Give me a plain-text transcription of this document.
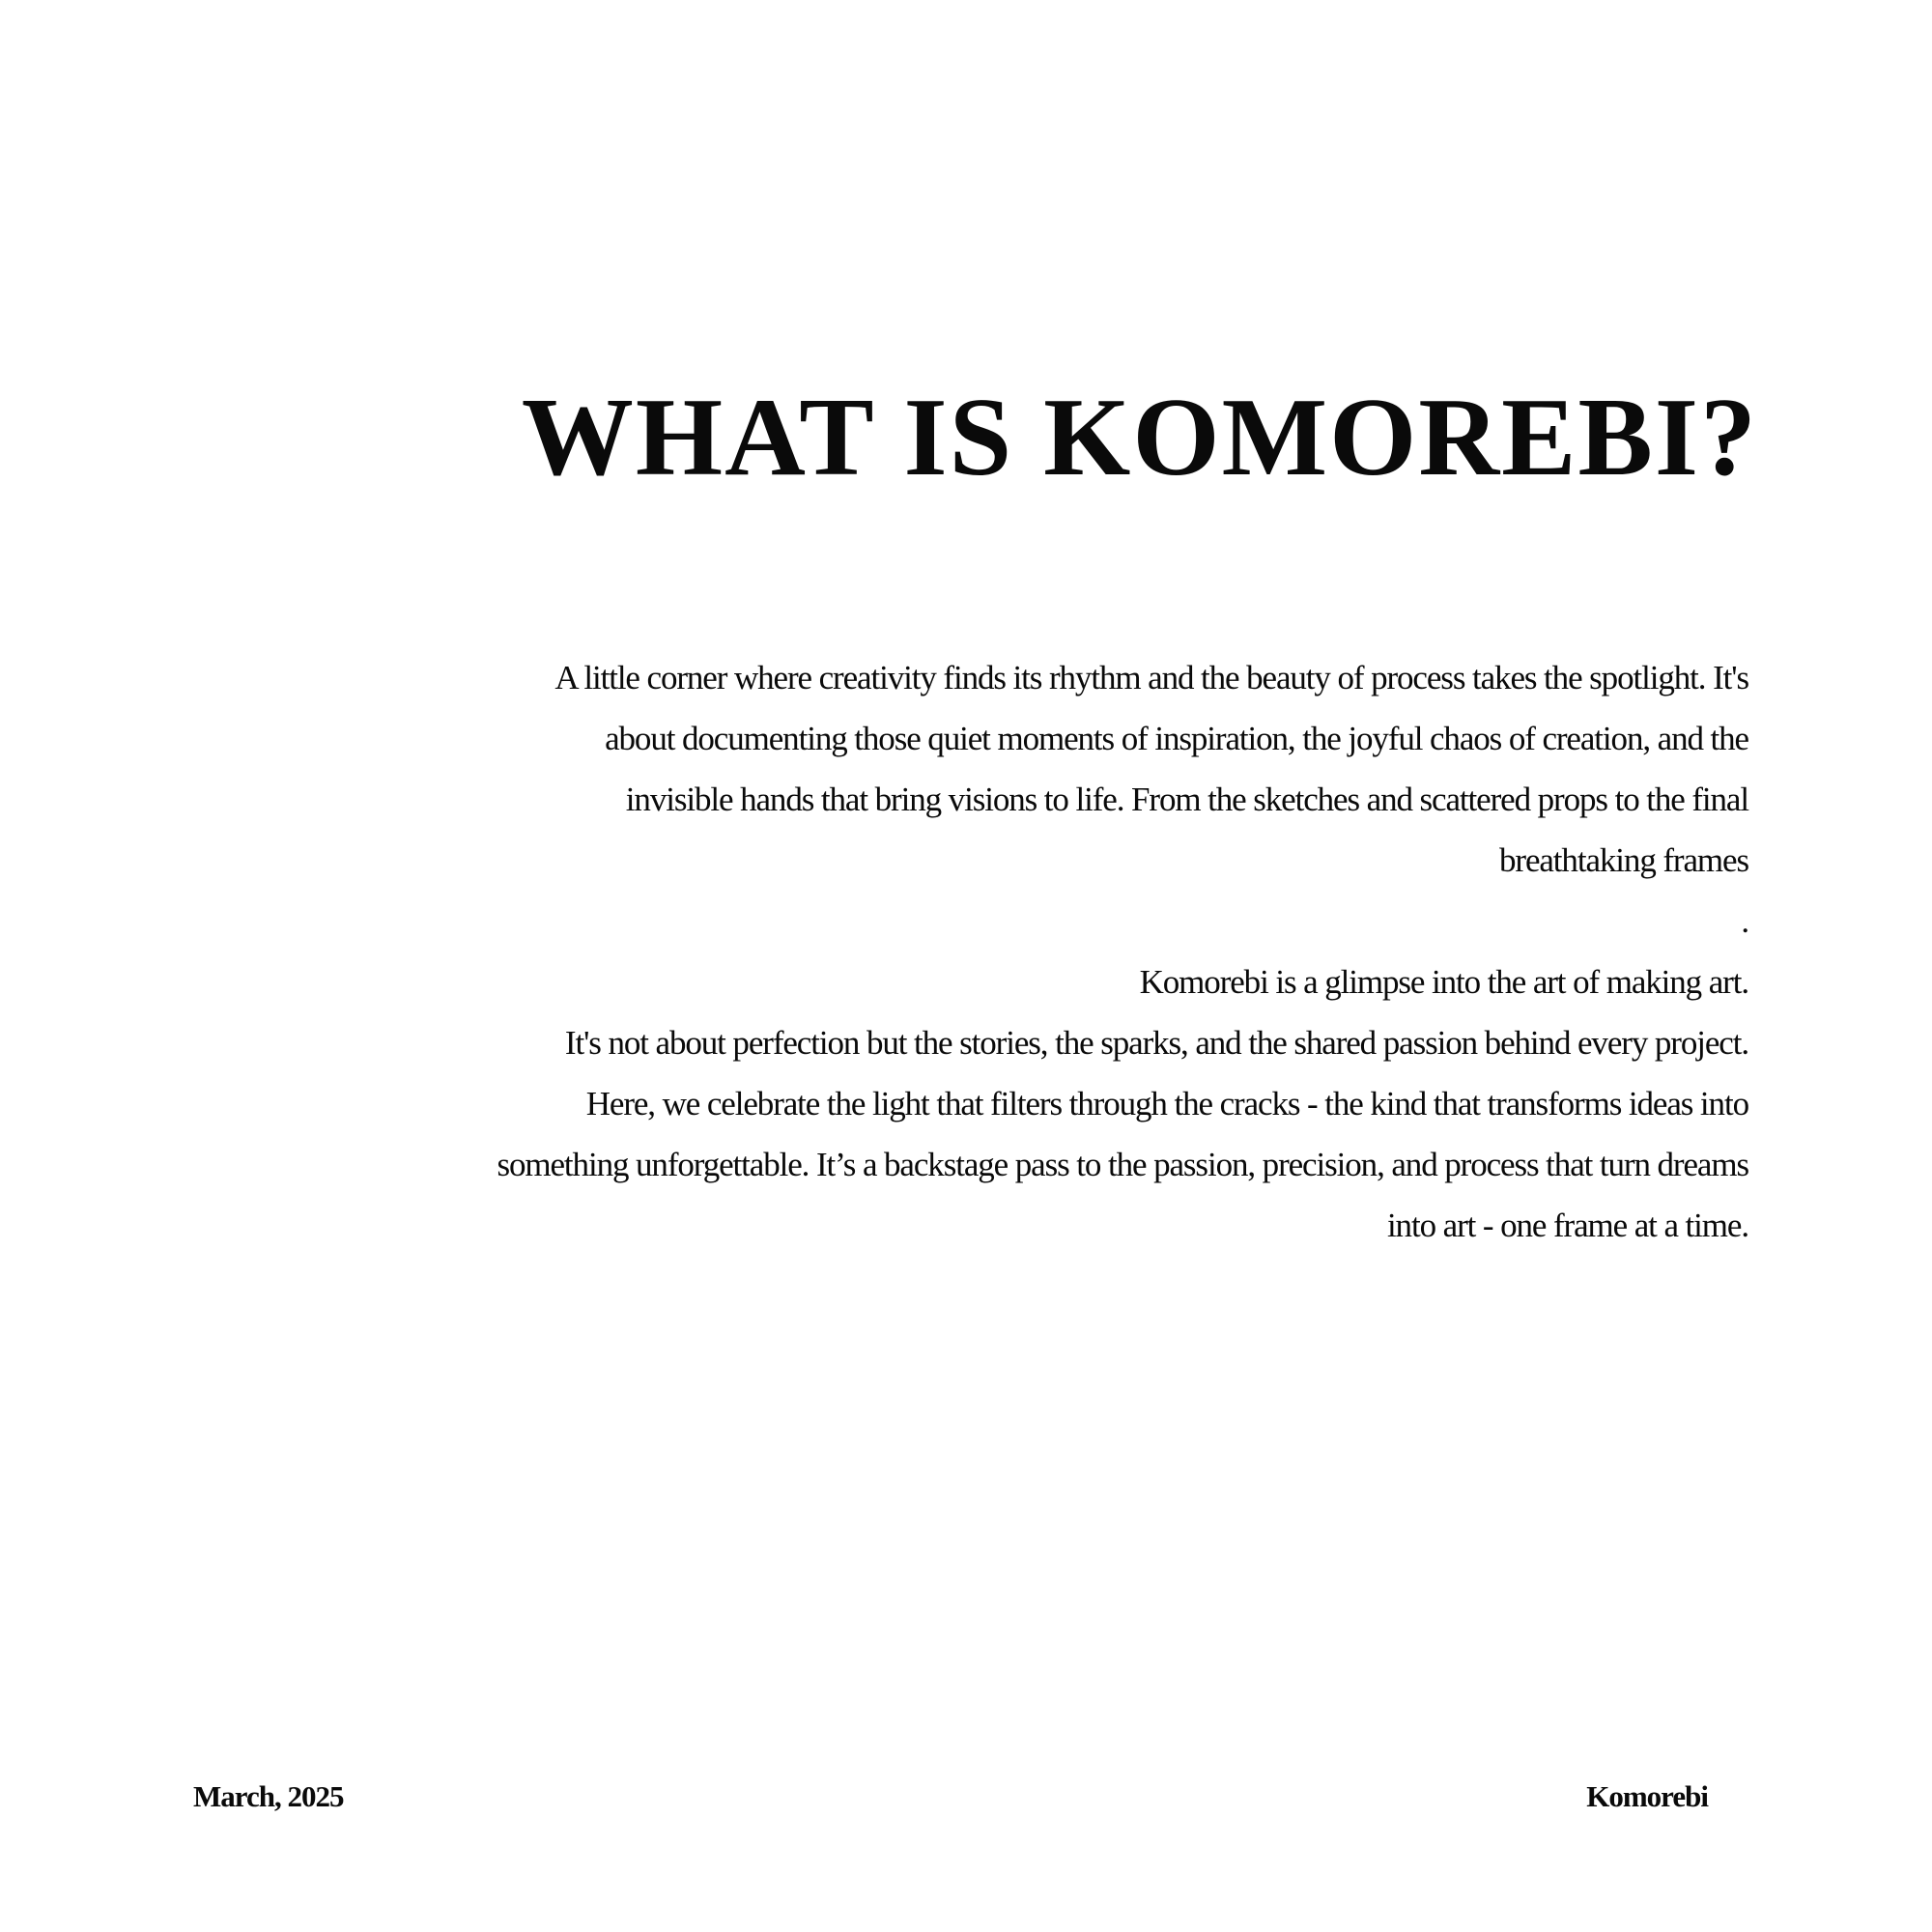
WHAT IS KOMOREBI?
A little corner where creativity finds its rhythm and the beauty of process takes the spotlight. It's
about documenting those quiet moments of inspiration, the joyful chaos of creation, and the
invisible hands that bring visions to life. From the sketches and scattered props to the final
breathtaking frames
.
Komorebi is a glimpse into the art of making art.
It's not about perfection but the stories, the sparks, and the shared passion behind every project.
Here, we celebrate the light that filters through the cracks - the kind that transforms ideas into
something unforgettable. It’s a backstage pass to the passion, precision, and process that turn dreams
into art - one frame at a time.
March, 2025	Komorebi
